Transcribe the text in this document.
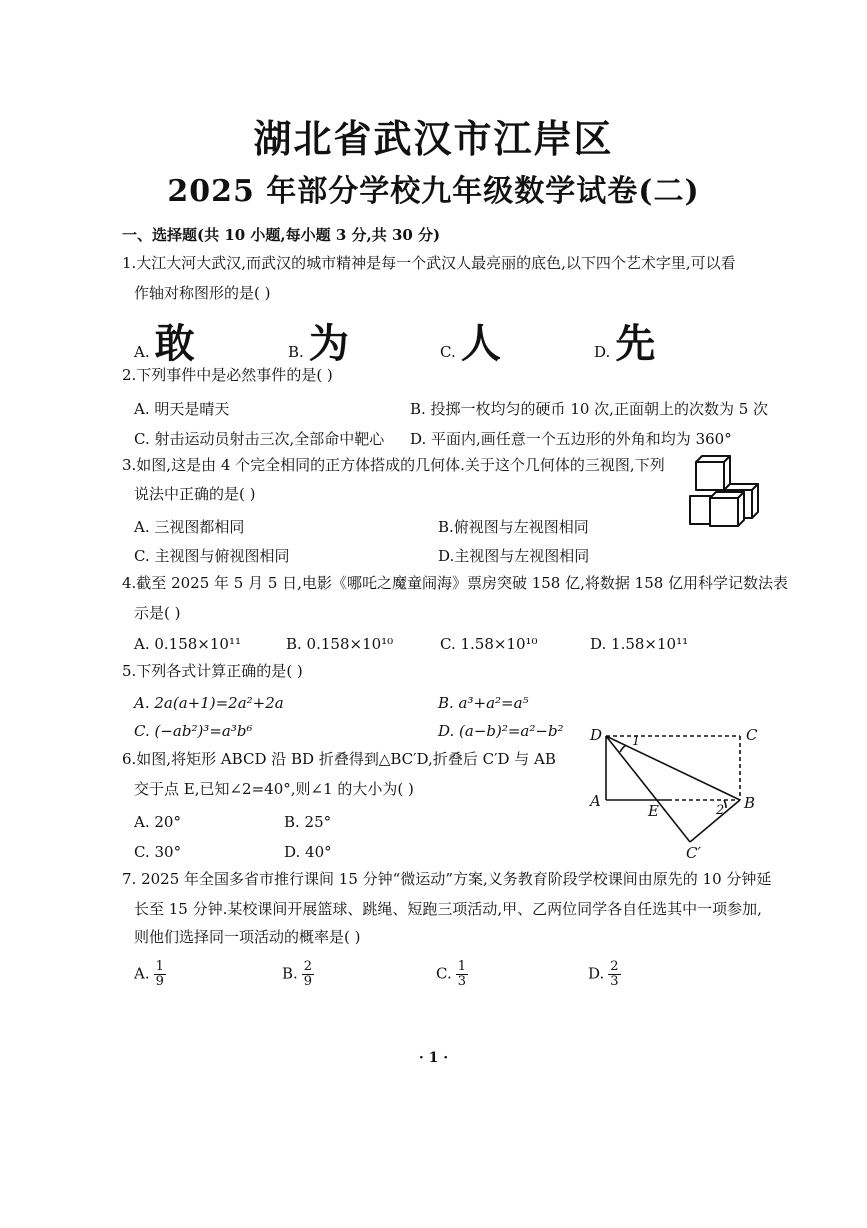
湖北省武汉市江岸区
2025 年部分学校九年级数学试卷(二)
一、选择题(共 10 小题,每小题 3 分,共 30 分)
1.大江大河大武汉,而武汉的城市精神是每一个武汉人最亮丽的底色,以下四个艺术字里,可以看
作轴对称图形的是( )
A. 敢	B. 为	C. 人	D. 先
2.下列事件中是必然事件的是( )
A. 明天是晴天	B. 投掷一枚均匀的硬币 10 次,正面朝上的次数为 5 次
C. 射击运动员射击三次,全部命中靶心 D. 平面内,画任意一个五边形的外角和均为 360°
3.如图,这是由 4 个完全相同的正方体搭成的几何体.关于这个几何体的三视图,下列
说法中正确的是( )
A. 三视图都相同	B.俯视图与左视图相同
C. 主视图与俯视图相同	D.主视图与左视图相同
4.截至 2025 年 5 月 5 日,电影《哪吒之魔童闹海》票房突破 158 亿,将数据 158 亿用科学记数法表
示是( )
A. 0.158×10¹¹	B. 0.158×10¹⁰	C. 1.58×10¹⁰	D. 1.58×10¹¹
5.下列各式计算正确的是( )
A. 2a(a+1)=2a²+2a	B. a³+a²=a⁵
C. (−ab²)³=a³b⁶	D. (a−b)²=a²−b²
6.如图,将矩形 ABCD 沿 BD 折叠得到△BC′D,折叠后 C′D 与 AB
交于点 E,已知∠2=40°,则∠1 的大小为( )
A. 20°	B. 25°
C. 30°	D. 40°
D	C
A
E	B
C′
1
2
7. 2025 年全国多省市推行课间 15 分钟“微运动”方案,义务教育阶段学校课间由原先的 10 分钟延
长至 15 分钟.某校课间开展篮球、跳绳、短跑三项活动,甲、乙两位同学各自任选其中一项参加,
则他们选择同一项活动的概率是( )
A. $\frac{1}{9}$	B. $\frac{2}{9}$	C. $\frac{1}{3}$	D. $\frac{2}{3}$
· 1 ·
